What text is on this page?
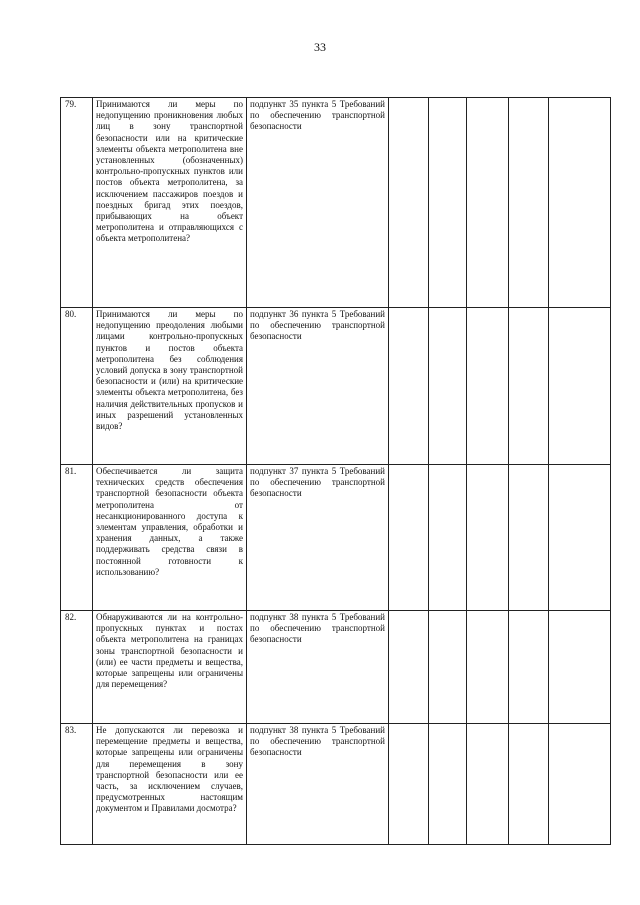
33
79.	Принимаются ли меры по недопущению проникновения любых лиц в зону транспортной безопасности или на критические элементы объекта метрополитена вне установленных (обозначенных) контрольно-пропускных пунктов или постов объекта метрополитена, за исключением пассажиров поездов и поездных бригад этих поездов, прибывающих на объект метрополитена и отправляющихся с объекта метрополитена?	подпункт 35 пункта 5 Требований по обеспечению транспортной безопасности					
80.	Принимаются ли меры по недопущению преодоления любыми лицами контрольно-пропускных пунктов и постов объекта метрополитена без соблюдения условий допуска в зону транспортной безопасности и (или) на критические элементы объекта метрополитена, без наличия действительных пропусков и иных разрешений установленных видов?	подпункт 36 пункта 5 Требований по обеспечению транспортной безопасности					
81.	Обеспечивается ли защита технических средств обеспечения транспортной безопасности объекта метрополитена от несанкционированного доступа к элементам управления, обработки и хранения данных, а также поддерживать средства связи в постоянной готовности к использованию?	подпункт 37 пункта 5 Требований по обеспечению транспортной безопасности					
82.	Обнаруживаются ли на контрольно-пропускных пунктах и постах объекта метрополитена на границах зоны транспортной безопасности и (или) ее части предметы и вещества, которые запрещены или ограничены для перемещения?	подпункт 38 пункта 5 Требований по обеспечению транспортной безопасности					
83.	Не допускаются ли перевозка и перемещение предметы и вещества, которые запрещены или ограничены для перемещения в зону транспортной безопасности или ее часть, за исключением случаев, предусмотренных настоящим документом и Правилами досмотра?	подпункт 38 пункта 5 Требований по обеспечению транспортной безопасности					
